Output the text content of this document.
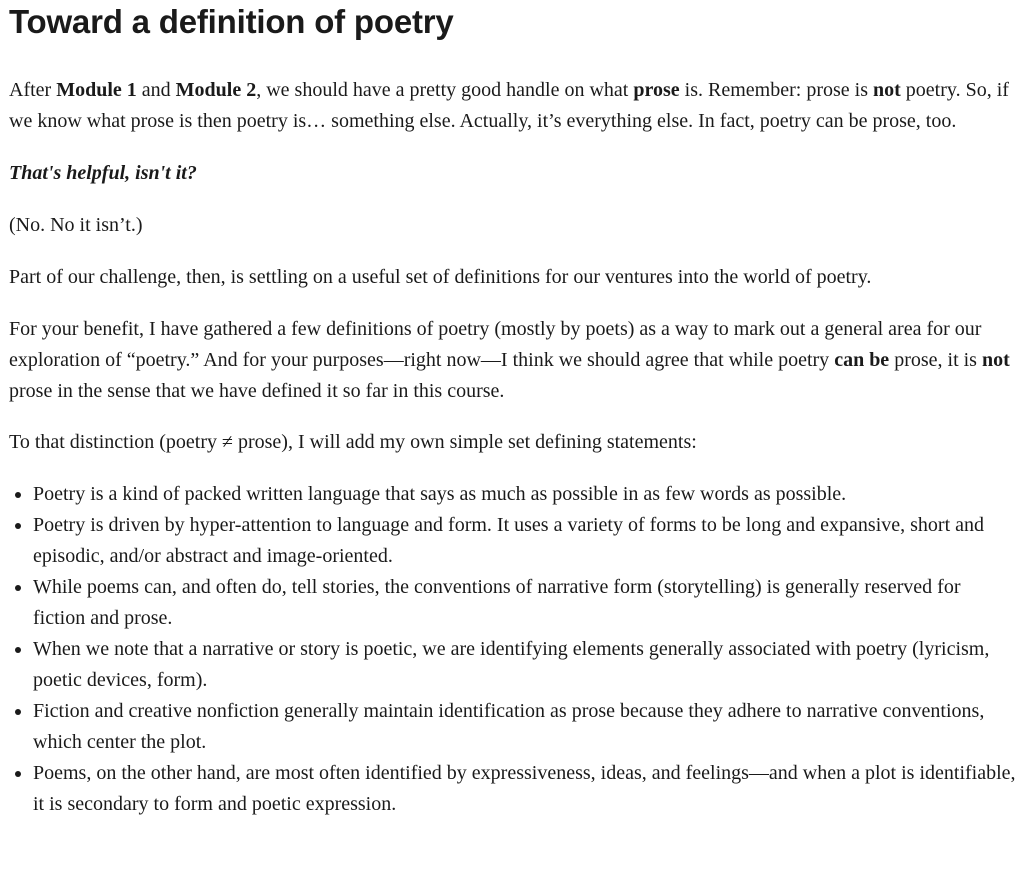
Toward a definition of poetry

After Module 1 and Module 2, we should have a pretty good handle on what prose is. Remember: prose is not poetry. So, if we know what prose is then poetry is… something else. Actually, it’s everything else. In fact, poetry can be prose, too.

That's helpful, isn't it?

(No. No it isn’t.)

Part of our challenge, then, is settling on a useful set of definitions for our ventures into the world of poetry.

For your benefit, I have gathered a few definitions of poetry (mostly by poets) as a way to mark out a general area for our exploration of “poetry.” And for your purposes—right now—I think we should agree that while poetry can be prose, it is not prose in the sense that we have defined it so far in this course.

To that distinction (poetry ≠ prose), I will add my own simple set defining statements:

• Poetry is a kind of packed written language that says as much as possible in as few words as possible.
• Poetry is driven by hyper-attention to language and form. It uses a variety of forms to be long and expansive, short and episodic, and/or abstract and image-oriented.
• While poems can, and often do, tell stories, the conventions of narrative form (storytelling) is generally reserved for fiction and prose.
• When we note that a narrative or story is poetic, we are identifying elements generally associated with poetry (lyricism, poetic devices, form).
• Fiction and creative nonfiction generally maintain identification as prose because they adhere to narrative conventions, which center the plot.
• Poems, on the other hand, are most often identified by expressiveness, ideas, and feelings—and when a plot is identifiable, it is secondary to form and poetic expression.
